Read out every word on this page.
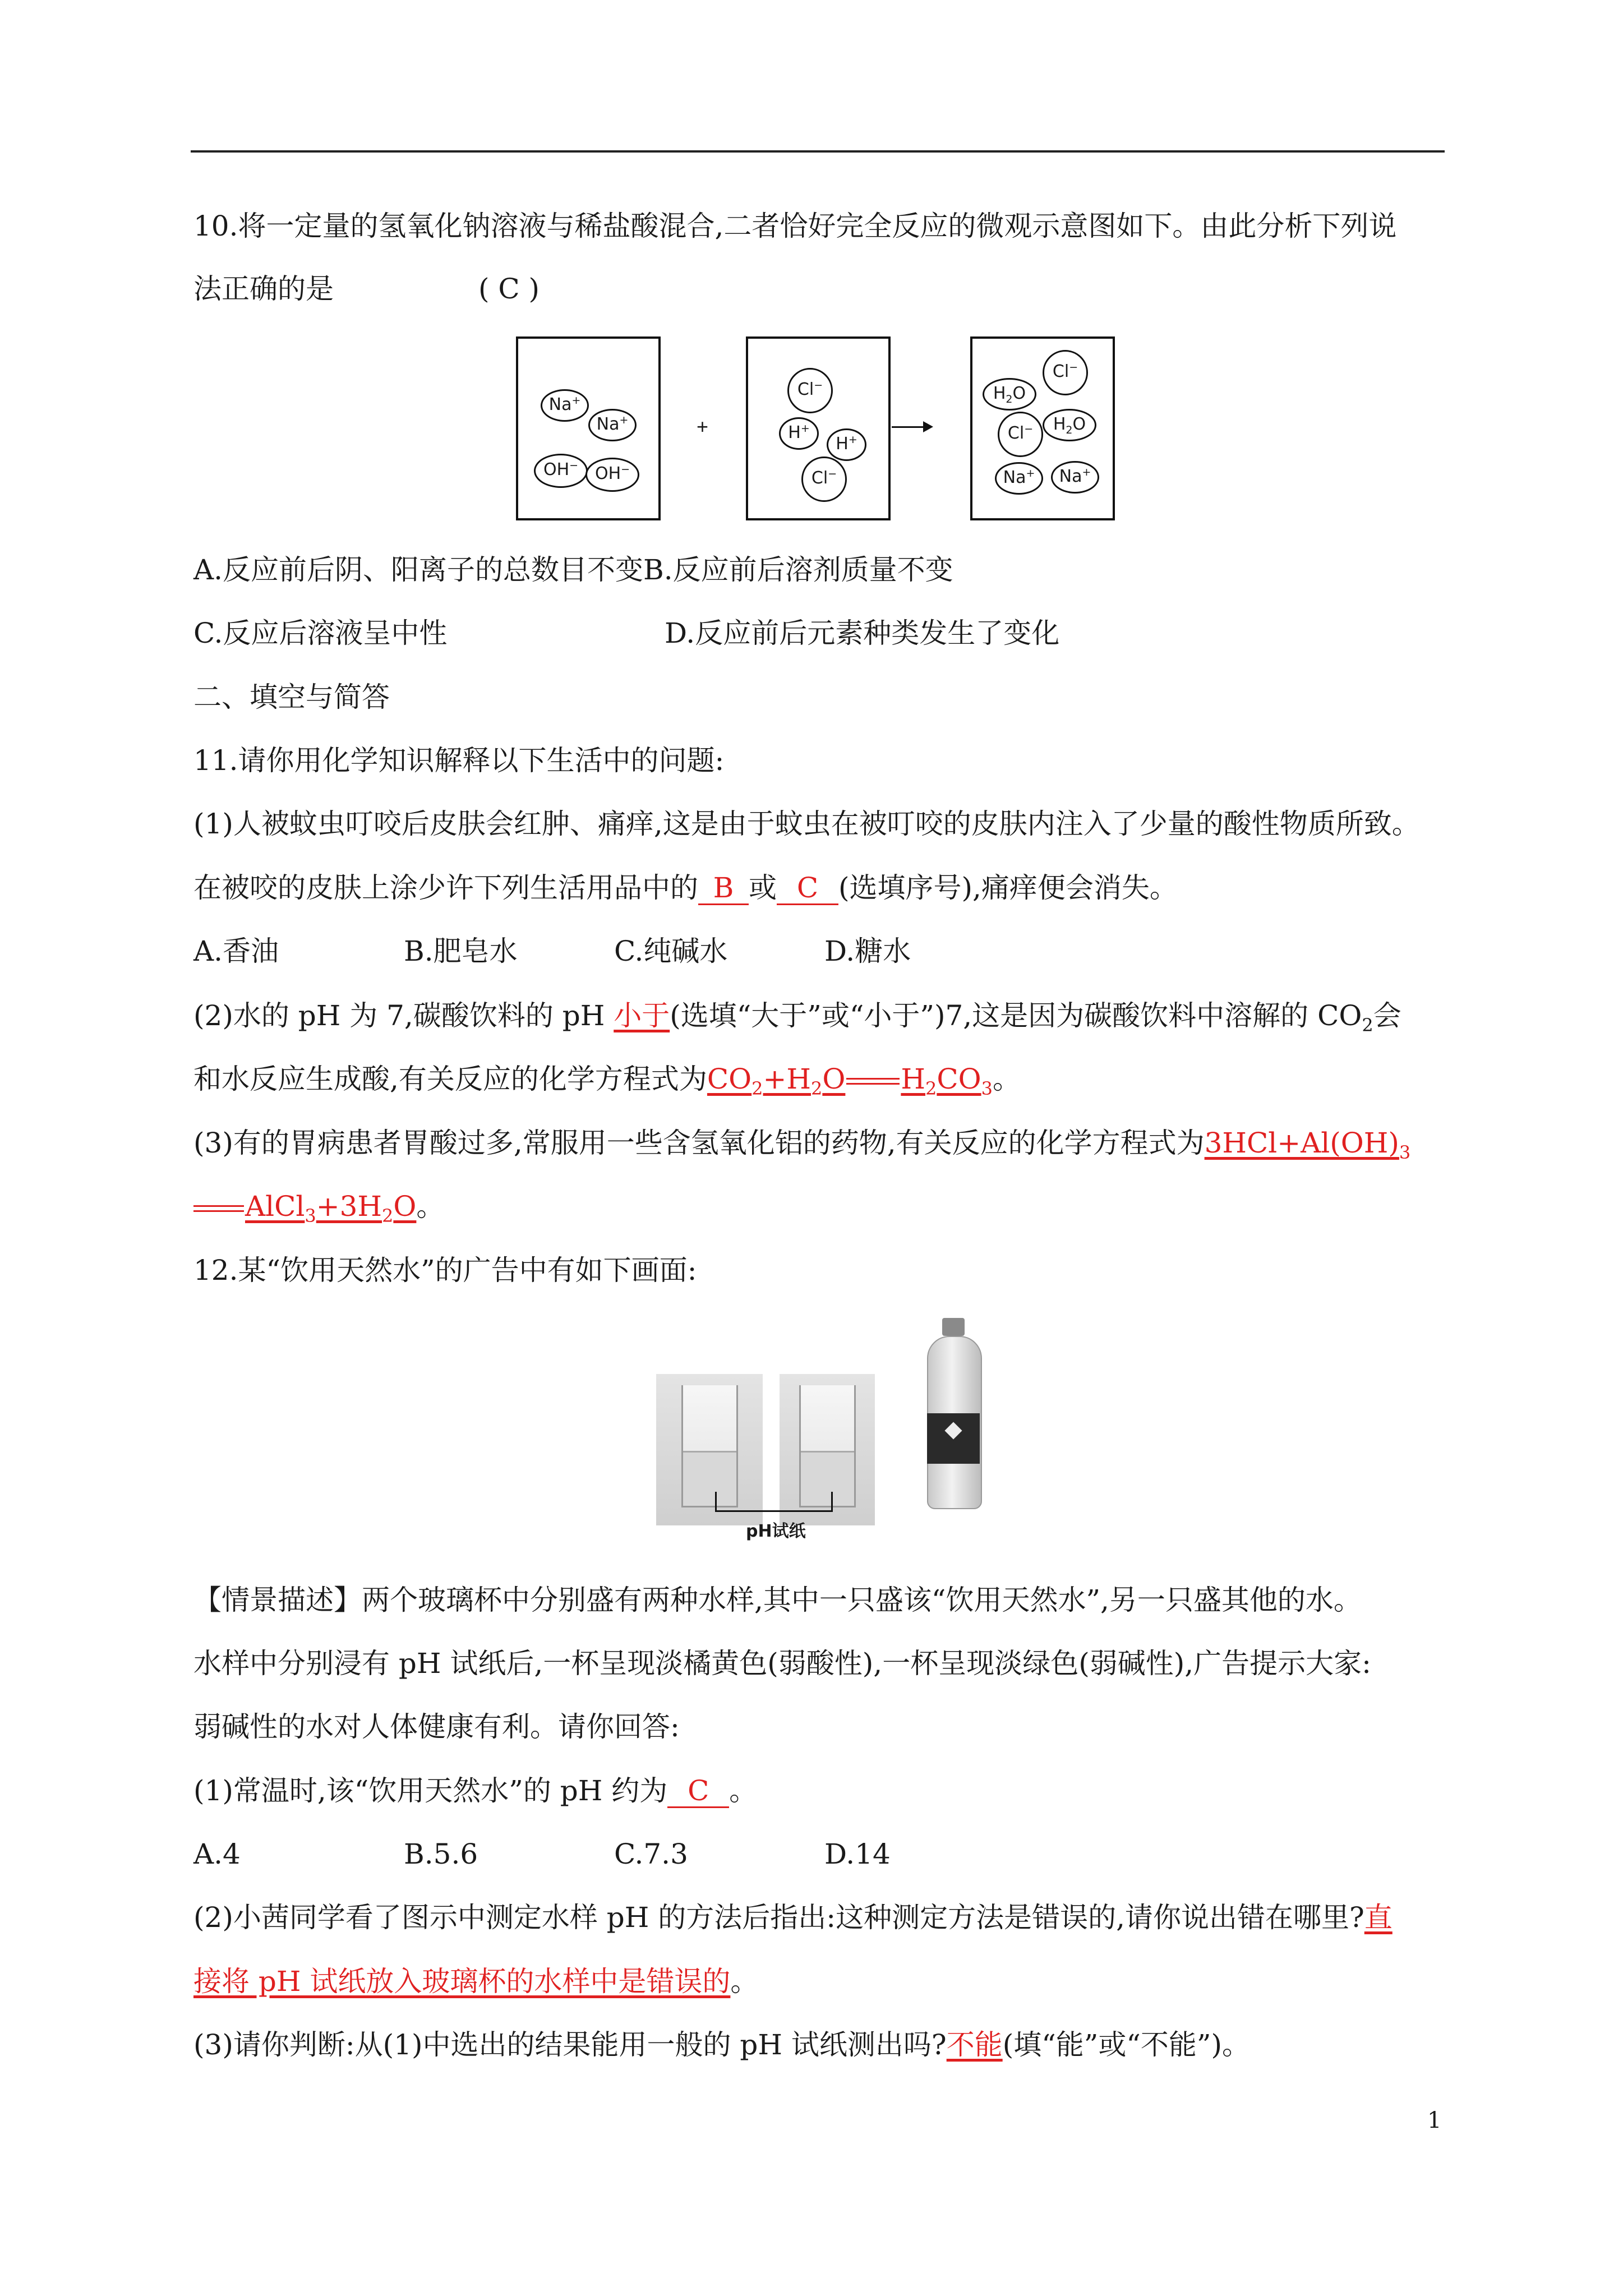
10.将一定量的氢氧化钠溶液与稀盐酸混合,二者恰好完全反应的微观示意图如下。由此分析下列说
法正确的是	( C )
Na+
Na+
OH− OH−
+
Cl−
H+
H+
Cl−
$H_2O$
Cl−
Cl−	$H_2O$
Na+	Na+
A.反应前后阴、阳离子的总数目不变B.反应前后溶剂质量不变
C.反应后溶液呈中性	D.反应前后元素种类发生了变化
二、填空与简答
11.请你用化学知识解释以下生活中的问题:
(1)人被蚊虫叮咬后皮肤会红肿、痛痒,这是由于蚊虫在被叮咬的皮肤内注入了少量的酸性物质所致。
在被咬的皮肤上涂少许下列生活用品中的 B 或 C (选填序号),痛痒便会消失。
A.香油	B.肥皂水	C.纯碱水	D.糖水
(2)水的 pH 为 7,碳酸饮料的 pH 小于(选填“大于”或“小于”)7,这是因为碳酸饮料中溶解的 $CO_2$会
和水反应生成酸,有关反应的化学方程式为$CO_2+H_2O$ $H_2CO_3$。
(3)有的胃病患者胃酸过多,常服用一些含氢氧化铝的药物,有关反应的化学方程式为$3HCl+Al(OH)_3$
$AlCl_3+3H_2O$。
12.某“饮用天然水”的广告中有如下画面:
pH试纸
【情景描述】两个玻璃杯中分别盛有两种水样,其中一只盛该“饮用天然水”,另一只盛其他的水。
水样中分别浸有 pH 试纸后,一杯呈现淡橘黄色(弱酸性),一杯呈现淡绿色(弱碱性),广告提示大家:
弱碱性的水对人体健康有利。请你回答:
(1)常温时,该“饮用天然水”的 pH 约为 C 。
A.4	B.5.6	C.7.3	D.14
(2)小茜同学看了图示中测定水样 pH 的方法后指出:这种测定方法是错误的,请你说出错在哪里?直
接将 pH 试纸放入玻璃杯的水样中是错误的。
(3)请你判断:从(1)中选出的结果能用一般的 pH 试纸测出吗?不能(填“能”或“不能”)。
1
